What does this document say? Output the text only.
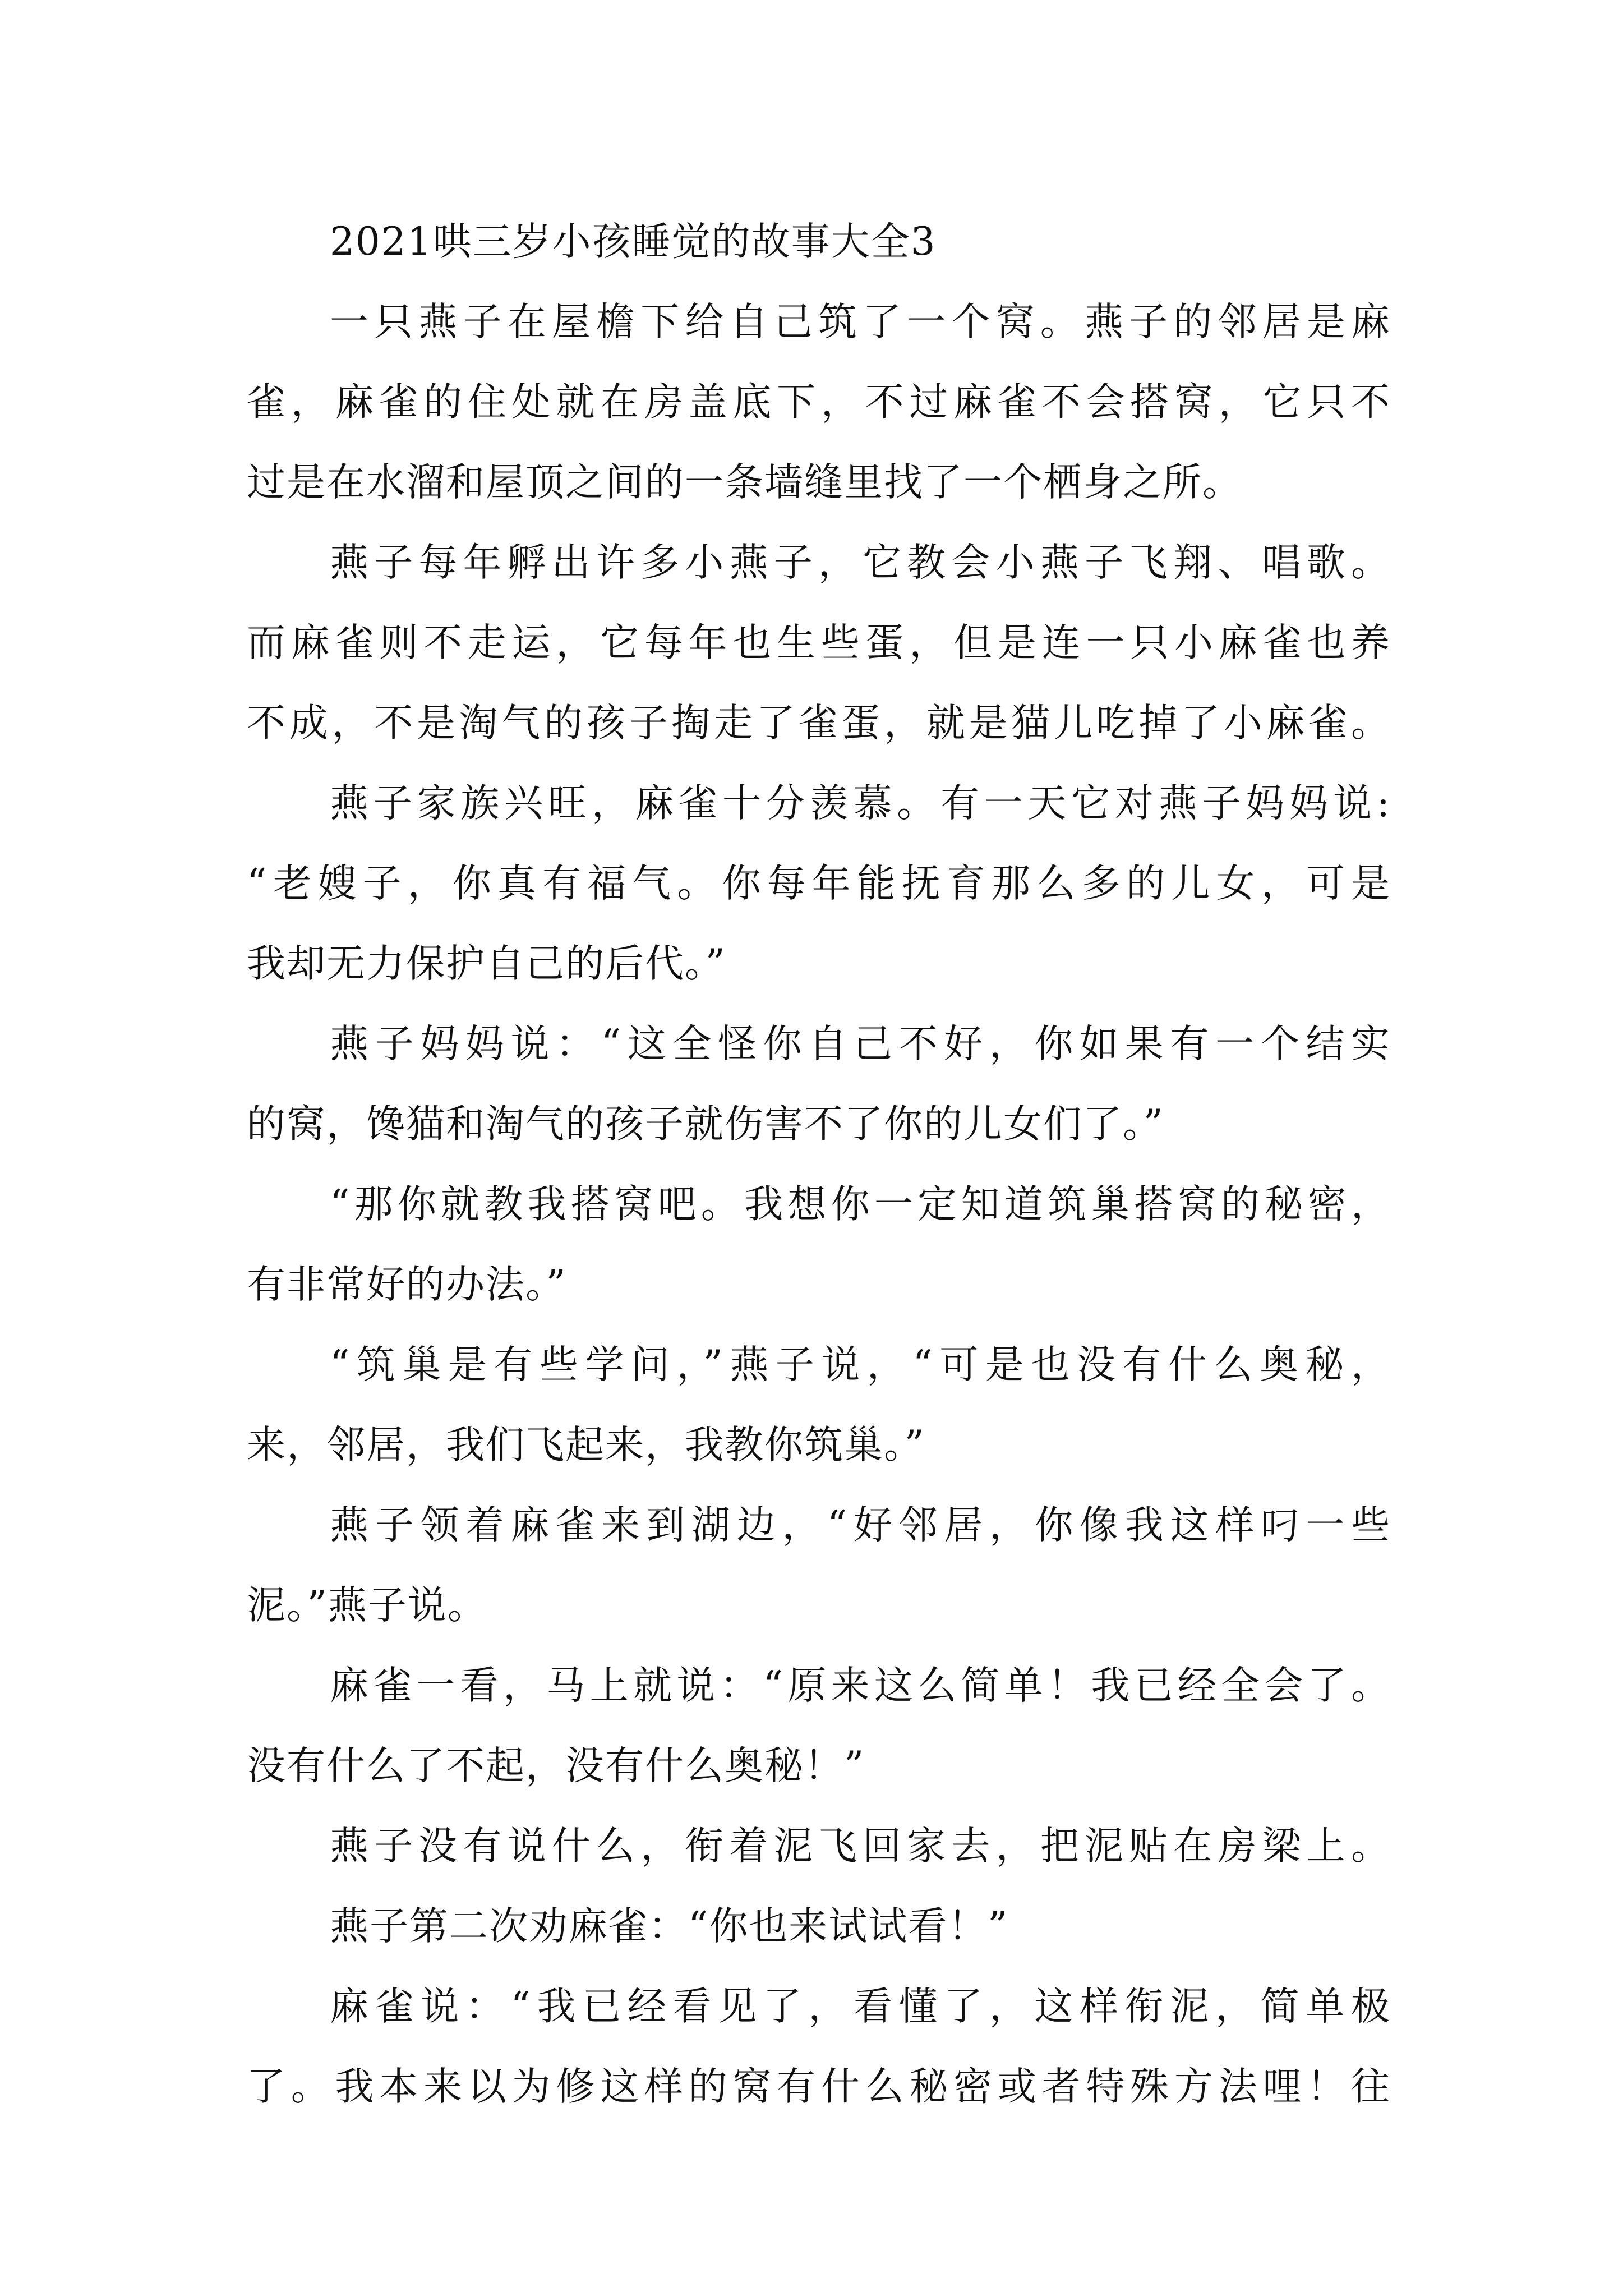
2021哄三岁小孩睡觉的故事大全3
一只燕子在屋檐下给自己筑了一个窝。燕子的邻居是麻
雀，麻雀的住处就在房盖底下，不过麻雀不会搭窝，它只不
过是在水溜和屋顶之间的一条墙缝里找了一个栖身之所。
燕子每年孵出许多小燕子，它教会小燕子飞翔、唱歌。
而麻雀则不走运，它每年也生些蛋，但是连一只小麻雀也养
不成，不是淘气的孩子掏走了雀蛋，就是猫儿吃掉了小麻雀。
燕子家族兴旺，麻雀十分羡慕。有一天它对燕子妈妈说:
“老嫂子，你真有福气。你每年能抚育那么多的儿女，可是
我却无力保护自己的后代。”
燕子妈妈说：“这全怪你自己不好，你如果有一个结实
的窝，馋猫和淘气的孩子就伤害不了你的儿女们了。”
“那你就教我搭窝吧。我想你一定知道筑巢搭窝的秘密，
有非常好的办法。”
“筑巢是有些学问，”燕子说，“可是也没有什么奥秘，
来，邻居，我们飞起来，我教你筑巢。”
燕子领着麻雀来到湖边，“好邻居，你像我这样叼一些
泥。”燕子说。
麻雀一看，马上就说：“原来这么简单！我已经全会了。
没有什么了不起，没有什么奥秘！”
燕子没有说什么，衔着泥飞回家去，把泥贴在房梁上。
燕子第二次劝麻雀：“你也来试试看！”
麻雀说：“我已经看见了，看懂了，这样衔泥，简单极
了。我本来以为修这样的窝有什么秘密或者特殊方法哩！往
